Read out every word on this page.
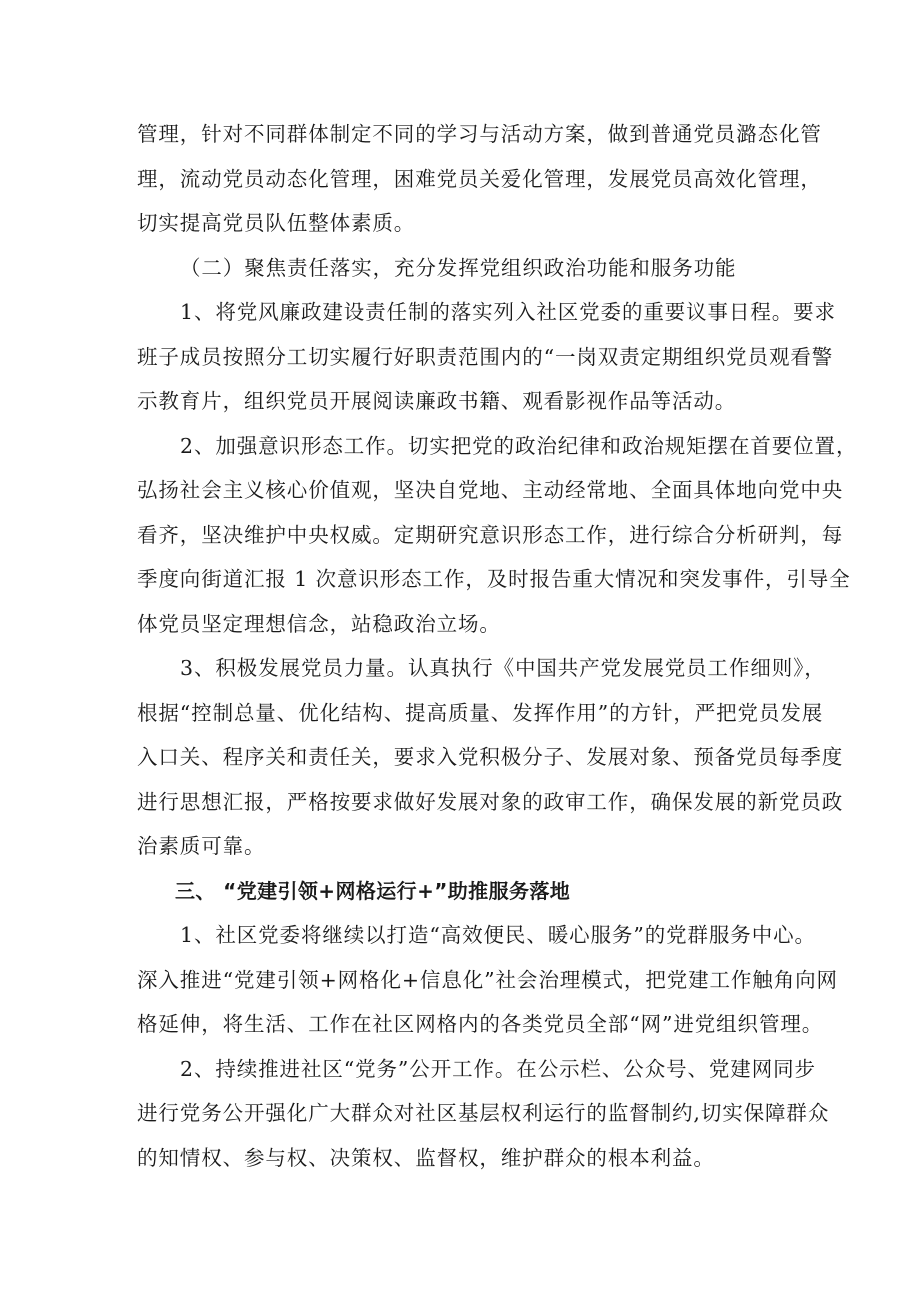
管理，针对不同群体制定不同的学习与活动方案，做到普通党员潞态化管
理，流动党员动态化管理，困难党员关爱化管理，发展党员高效化管理，
切实提高党员队伍整体素质。
（二）聚焦责任落实，充分发挥党组织政治功能和服务功能
1、将党风廉政建设责任制的落实列入社区党委的重要议事日程。要求
班子成员按照分工切实履行好职责范围内的“一岗双责定期组织党员观看警
示教育片，组织党员开展阅读廉政书籍、观看影视作品等活动。
2、加强意识形态工作。切实把党的政治纪律和政治规矩摆在首要位置，
弘扬社会主义核心价值观，坚决自党地、主动经常地、全面具体地向党中央
看齐，坚决维护中央权威。定期研究意识形态工作，进行综合分析研判，每
季度向街道汇报 1 次意识形态工作，及时报告重大情况和突发事件，引导全
体党员坚定理想信念，站稳政治立场。
3、积极发展党员力量。认真执行《中国共产党发展党员工作细则》，
根据“控制总量、优化结构、提高质量、发挥作用”的方针，严把党员发展
入口关、程序关和责任关，要求入党积极分子、发展对象、预备党员每季度
进行思想汇报，严格按要求做好发展对象的政审工作，确保发展的新党员政
治素质可靠。
三、 “党建引领+网格运行+”助推服务落地
1、社区党委将继续以打造“高效便民、暖心服务”的党群服务中心。
深入推进“党建引领+网格化+信息化”社会治理模式，把党建工作触角向网
格延伸，将生活、工作在社区网格内的各类党员全部“网”进党组织管理。
2、持续推进社区“党务”公开工作。在公示栏、公众号、党建网同步
进行党务公开强化广大群众对社区基层权利运行的监督制约,切实保障群众
的知情权、参与权、决策权、监督权，维护群众的根本利益。
